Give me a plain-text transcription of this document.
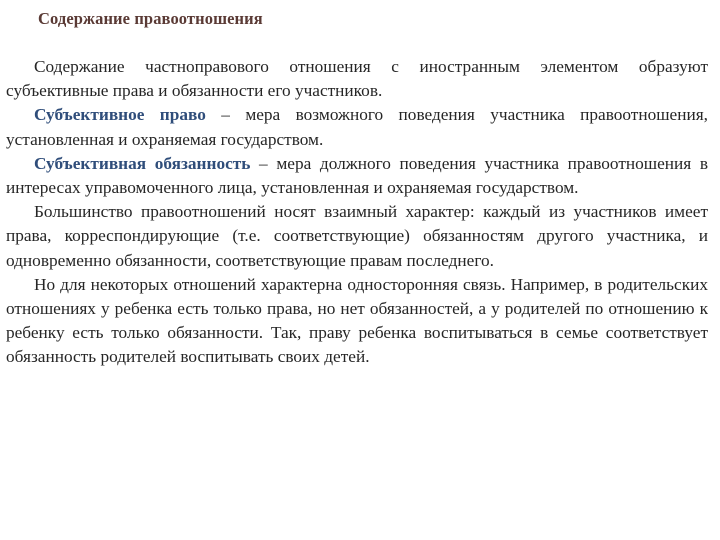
Содержание правоотношения

Содержание частноправового отношения с иностранным элементом образуют субъективные права и обязанности его участников.

Субъективное право – мера возможного поведения участника правоотношения, установленная и охраняемая государством.

Субъективная обязанность – мера должного поведения участника правоотношения в интересах управомоченного лица, установленная и охраняемая государством.

Большинство правоотношений носят взаимный характер: каждый из участников имеет права, корреспондирующие (т.е. соответствующие) обязанностям другого участника, и одновременно обязанности, соответствующие правам последнего.

Но для некоторых отношений характерна односторонняя связь. Например, в родительских отношениях у ребенка есть только права, но нет обязанностей, а у родителей по отношению к ребенку есть только обязанности. Так, праву ребенка воспитываться в семье соответствует обязанность родителей воспитывать своих детей.
